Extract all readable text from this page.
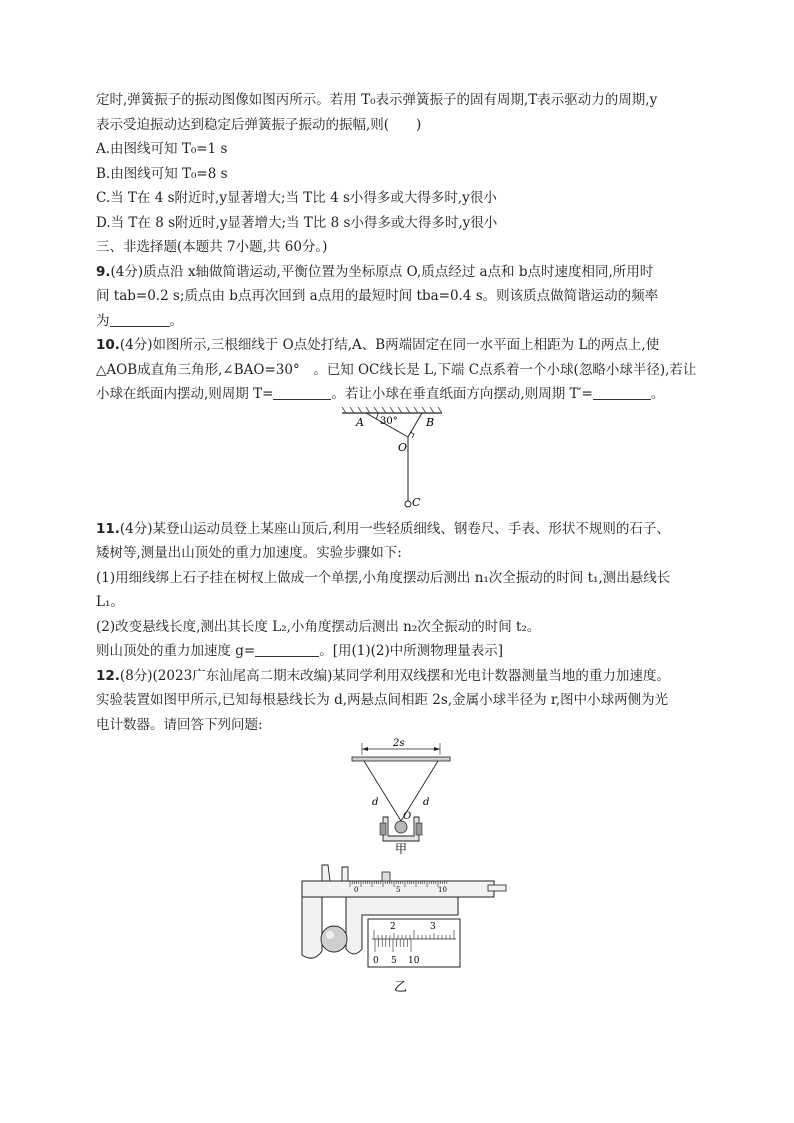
定时,弹簧振子的振动图像如图丙所示。若用 T₀表示弹簧振子的固有周期,T表示驱动力的周期,y
表示受迫振动达到稳定后弹簧振子振动的振幅,则(　　)
A.由图线可知 T₀=1 s
B.由图线可知 T₀=8 s
C.当 T在 4 s附近时,y显著增大;当 T比 4 s小得多或大得多时,y很小
D.当 T在 8 s附近时,y显著增大;当 T比 8 s小得多或大得多时,y很小
三、非选择题(本题共 7小题,共 60分。)
9.(4分)质点沿 x轴做简谐运动,平衡位置为坐标原点 O,质点经过 a点和 b点时速度相同,所用时
间 tab=0.2 s;质点由 b点再次回到 a点用的最短时间 tba=0.4 s。则该质点做简谐运动的频率
为	。
10.(4分)如图所示,三根细线于 O点处打结,A、B两端固定在同一水平面上相距为 L的两点上,使
△AOB成直角三角形,∠BAO=30°　。已知 OC线长是 L,下端 C点系着一个小球(忽略小球半径),若让
小球在纸面内摆动,则周期 T=	。若让小球在垂直纸面方向摆动,则周期 T′=	。
A 30°	B
O
C
11.(4分)某登山运动员登上某座山顶后,利用一些轻质细线、钢卷尺、手表、形状不规则的石子、
矮树等,测量出山顶处的重力加速度。实验步骤如下:
(1)用细线绑上石子挂在树杈上做成一个单摆,小角度摆动后测出 n₁次全振动的时间 t₁,测出悬线长
L₁。
(2)改变悬线长度,测出其长度 L₂,小角度摆动后测出 n₂次全振动的时间 t₂。
则山顶处的重力加速度 g=	。[用(1)(2)中所测物理量表示]
12.(8分)(2023广东汕尾高二期末改编)某同学利用双线摆和光电计数器测量当地的重力加速度。
实验装置如图甲所示,已知每根悬线长为 d,两悬点间相距 2s,金属小球半径为 r,图中小球两侧为光
电计数器。请回答下列问题:
2s
d	d
O
甲
0	5	10
2	3
0 5 10
乙
